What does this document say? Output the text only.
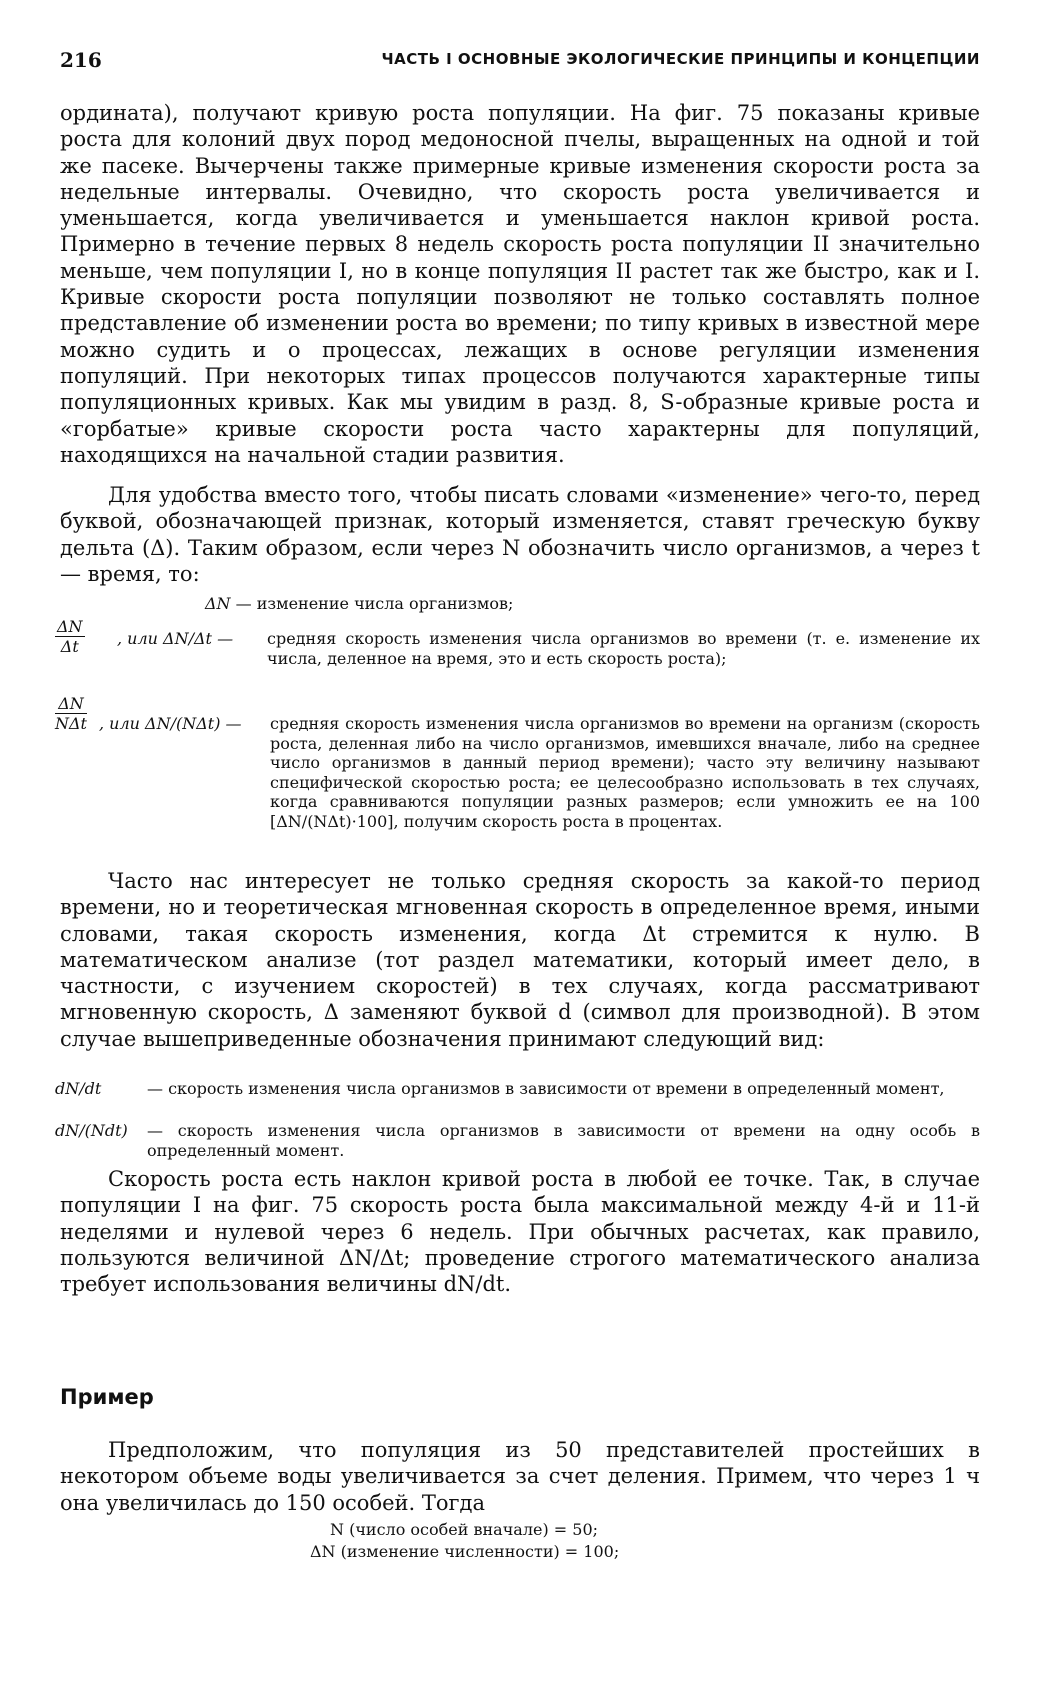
216	ЧАСТЬ I ОСНОВНЫЕ ЭКОЛОГИЧЕСКИЕ ПРИНЦИПЫ И КОНЦЕПЦИИ

ордината), получают кривую роста популяции. На фиг. 75 показаны кривые роста для колоний двух пород медоносной пчелы, выращенных на одной и той же пасеке. Вычерчены также примерные кривые изменения скорости роста за недельные интервалы. Очевидно, что скорость роста увеличивается и уменьшается, когда увеличивается и уменьшается наклон кривой роста. Примерно в течение первых 8 недель скорость роста популяции II значительно меньше, чем популяции I, но в конце популяция II растет так же быстро, как и I. Кривые скорости роста популяции позволяют не только составлять полное представление об изменении роста во времени; по типу кривых в известной мере можно судить и о процессах, лежащих в основе регуляции изменения популяций. При некоторых типах процессов получаются характерные типы популяционных кривых. Как мы увидим в разд. 8, S-образные кривые роста и «горбатые» кривые скорости роста часто характерны для популяций, находящихся на начальной стадии развития.

Для удобства вместо того, чтобы писать словами «изменение» чего-то, перед буквой, обозначающей признак, который изменяется, ставят греческую букву дельта (Δ). Таким образом, если через N обозначить число организмов, а через t — время, то:

ΔN — изменение числа организмов;
$\frac{\Delta N}{\Delta t}$ , или ΔN/Δt — средняя скорость изменения числа организмов во времени (т. е. изменение их числа, деленное на время, это и есть скорость роста);
ΔN
NΔt , или ΔN/(NΔt) — средняя скорость изменения числа организмов во времени на организм (скорость роста, деленная либо на число организмов, имевшихся вначале, либо на среднее число организмов в данный период времени); часто эту величину называют специфической скоростью роста; ее целесообразно использовать в тех случаях, когда сравниваются популяции разных размеров; если умножить ее на 100 [ΔN/(NΔt)·100], получим скорость роста в процентах.

Часто нас интересует не только средняя скорость за какой-то период времени, но и теоретическая мгновенная скорость в определенное время, иными словами, такая скорость изменения, когда Δt стремится к нулю. В математическом анализе (тот раздел математики, который имеет дело, в частности, с изучением скоростей) в тех случаях, когда рассматривают мгновенную скорость, Δ заменяют буквой d (символ для производной). В этом случае вышеприведенные обозначения принимают следующий вид:

dN/dt	— скорость изменения числа организмов в зависимости от времени в определенный момент,
dN/(Ndt) — скорость изменения числа организмов в зависимости от времени на одну особь в определенный момент.

Скорость роста есть наклон кривой роста в любой ее точке. Так, в случае популяции I на фиг. 75 скорость роста была максимальной между 4-й и 11-й неделями и нулевой через 6 недель. При обычных расчетах, как правило, пользуются величиной ΔN/Δt; проведение строгого математического анализа требует использования величины dN/dt.

Пример

Предположим, что популяция из 50 представителей простейших в некотором объеме воды увеличивается за счет деления. Примем, что через 1 ч она увеличилась до 150 особей. Тогда

N (число особей вначале) = 50;
ΔN (изменение численности) = 100;
